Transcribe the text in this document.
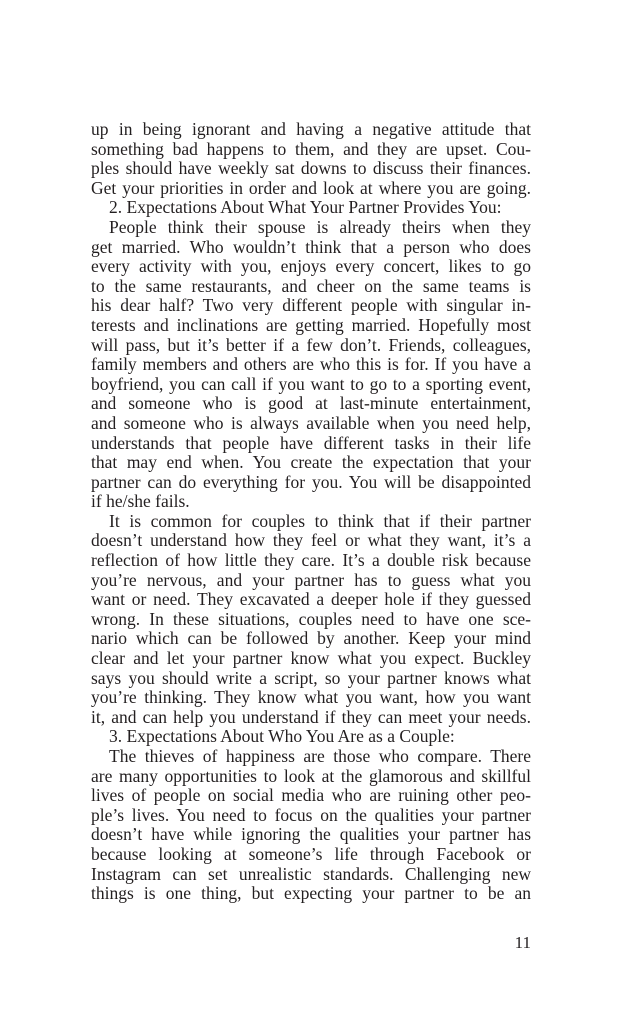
up in being ignorant and having a negative attitude that
something bad happens to them, and they are upset. Cou-
ples should have weekly sat downs to discuss their finances.
Get your priorities in order and look at where you are going.
2. Expectations About What Your Partner Provides You:
People think their spouse is already theirs when they
get married. Who wouldn’t think that a person who does
every activity with you, enjoys every concert, likes to go
to the same restaurants, and cheer on the same teams is
his dear half? Two very different people with singular in-
terests and inclinations are getting married. Hopefully most
will pass, but it’s better if a few don’t. Friends, colleagues,
family members and others are who this is for. If you have a
boyfriend, you can call if you want to go to a sporting event,
and someone who is good at last-minute entertainment,
and someone who is always available when you need help,
understands that people have different tasks in their life
that may end when. You create the expectation that your
partner can do everything for you. You will be disappointed
if he/she fails.
It is common for couples to think that if their partner
doesn’t understand how they feel or what they want, it’s a
reflection of how little they care. It’s a double risk because
you’re nervous, and your partner has to guess what you
want or need. They excavated a deeper hole if they guessed
wrong. In these situations, couples need to have one sce-
nario which can be followed by another. Keep your mind
clear and let your partner know what you expect. Buckley
says you should write a script, so your partner knows what
you’re thinking. They know what you want, how you want
it, and can help you understand if they can meet your needs.
3. Expectations About Who You Are as a Couple:
The thieves of happiness are those who compare. There
are many opportunities to look at the glamorous and skillful
lives of people on social media who are ruining other peo-
ple’s lives. You need to focus on the qualities your partner
doesn’t have while ignoring the qualities your partner has
because looking at someone’s life through Facebook or
Instagram can set unrealistic standards. Challenging new
things is one thing, but expecting your partner to be an
11
